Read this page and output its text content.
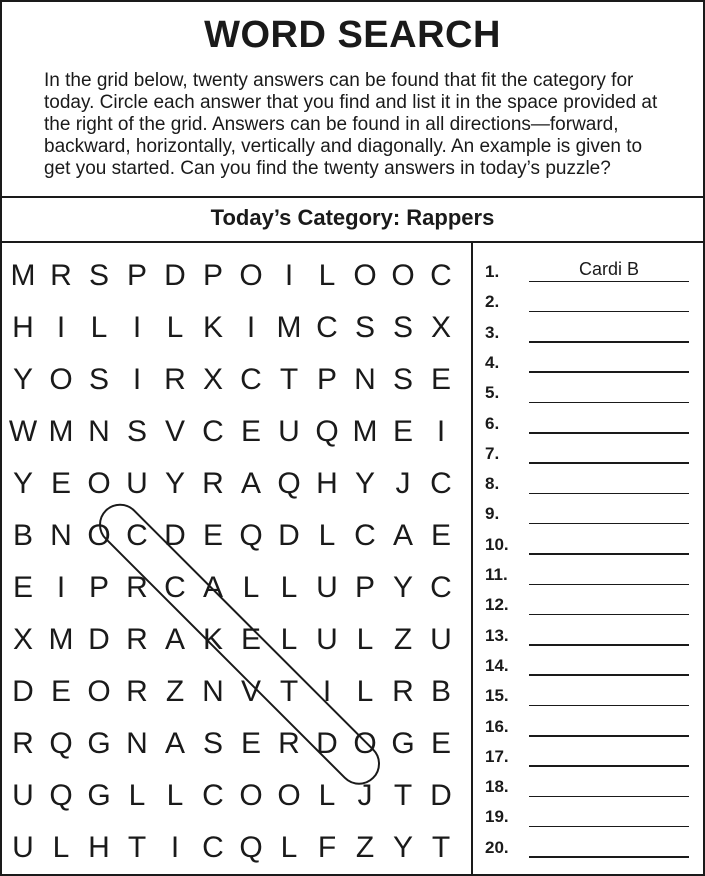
WORD SEARCH
In the grid below, twenty answers can be found that fit the category for today. Circle each answer that you find and list it in the space provided at the right of the grid. Answers can be found in all directions—forward, backward, horizontally, vertically and diagonally. An example is given to get you started. Can you find the twenty answers in today’s puzzle?
Today’s Category: Rappers
M R S P D P O I L O O C
H I L I L K I M C S S X
Y O S I R X C T P N S E
W M N S V C E U Q M E I
Y E O U Y R A Q H Y J C
B N O C D E Q D L C A E
E I P R C A L L U P Y C
X M D R A K E L U L Z U
D E O R Z N V T I L R B
R Q G N A S E R D O G E
U Q G L L C O O L J T D
U L H T I C Q L F Z Y T
1.	Cardi B
2.
3.
4.
5.
6.
7.
8.
9.
10.
11.
12.
13.
14.
15.
16.
17.
18.
19.
20.
